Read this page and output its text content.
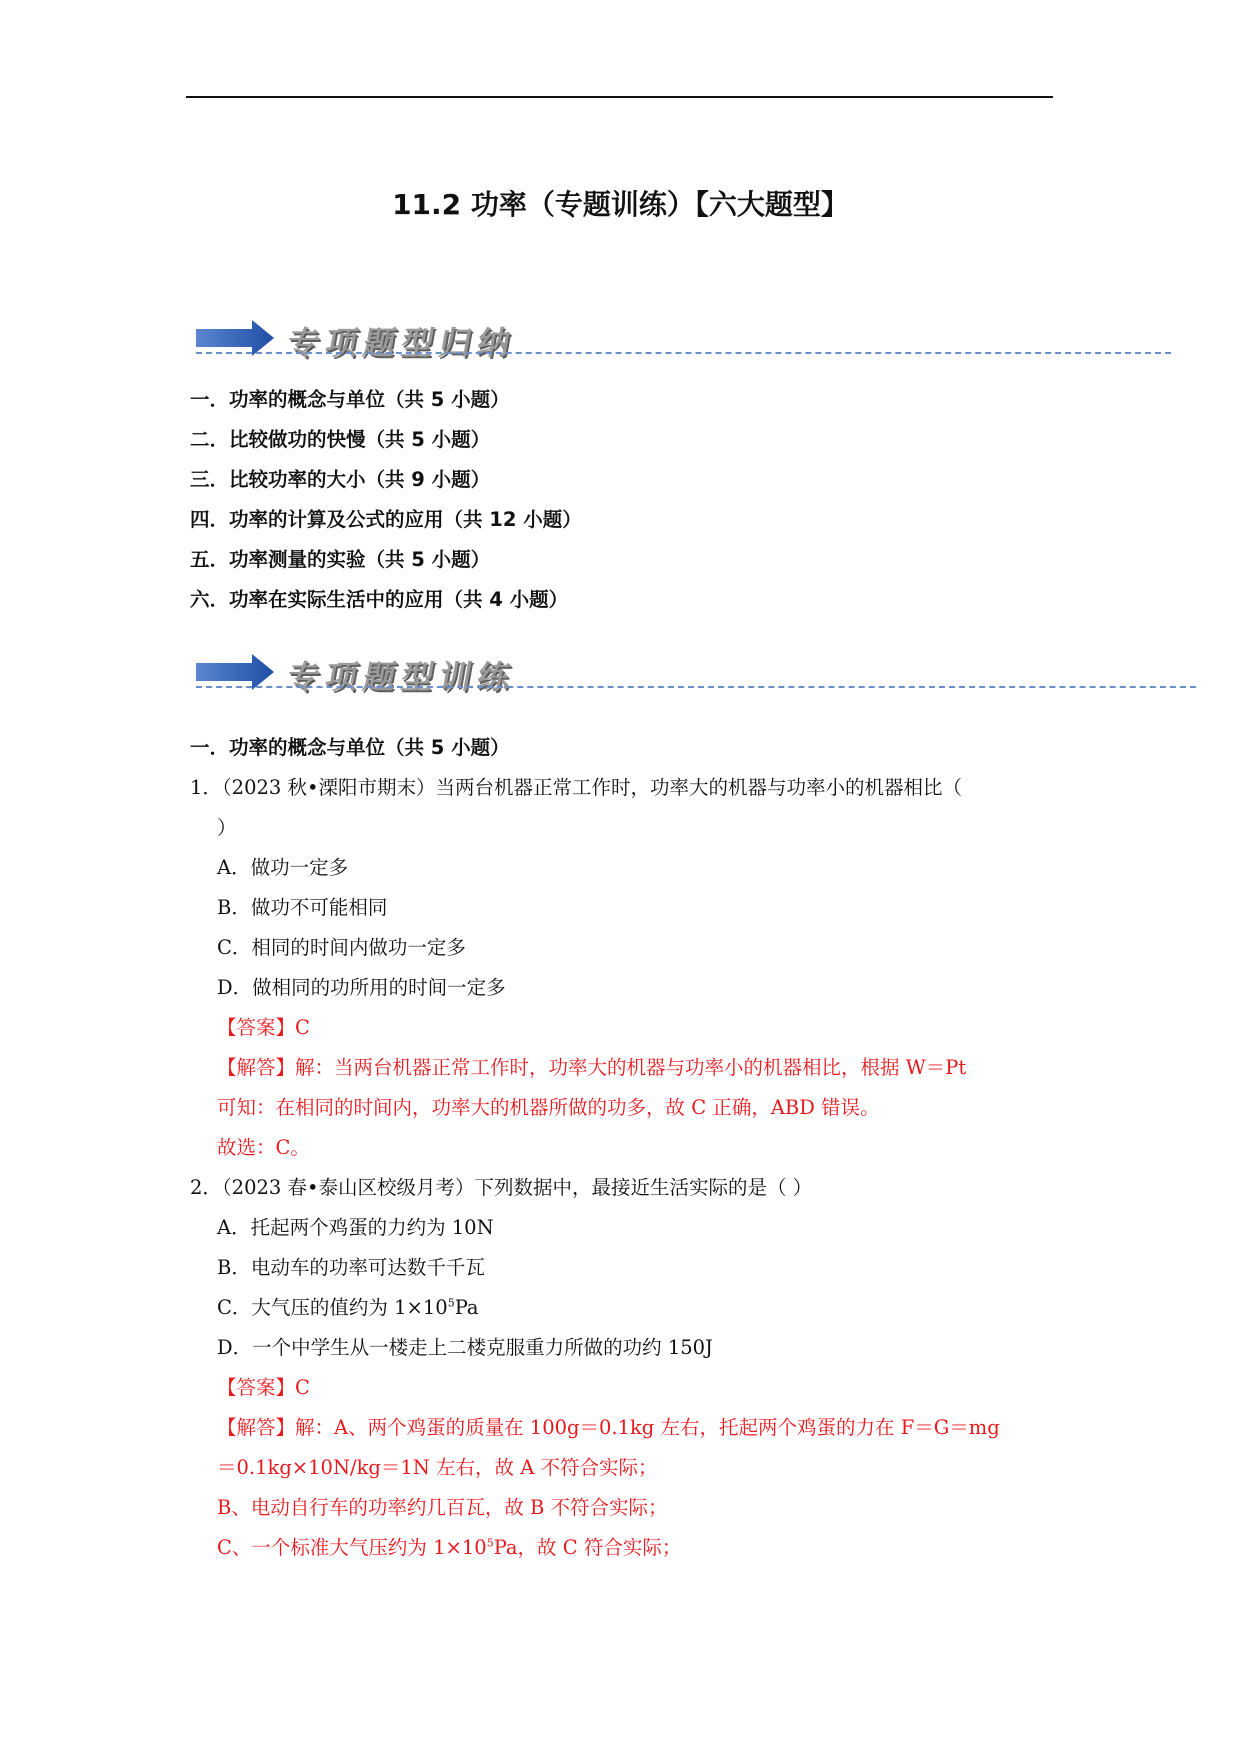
11.2 功率（专题训练）【六大题型】
专项题型归纳
一．功率的概念与单位（共 5 小题）
二．比较做功的快慢（共 5 小题）
三．比较功率的大小（共 9 小题）
四．功率的计算及公式的应用（共 12 小题）
五．功率测量的实验（共 5 小题）
六．功率在实际生活中的应用（共 4 小题）
专项题型训练
一．功率的概念与单位（共 5 小题）
1．（2023 秋•溧阳市期末）当两台机器正常工作时，功率大的机器与功率小的机器相比（
）
A．做功一定多
B．做功不可能相同
C．相同的时间内做功一定多
D．做相同的功所用的时间一定多
【答案】C
【解答】解：当两台机器正常工作时，功率大的机器与功率小的机器相比，根据 W＝Pt
可知：在相同的时间内，功率大的机器所做的功多，故 C 正确，ABD 错误。
故选：C。
2．（2023 春•泰山区校级月考）下列数据中，最接近生活实际的是（ ）
A．托起两个鸡蛋的力约为 10N
B．电动车的功率可达数千千瓦
C．大气压的值约为 $1\times 10^5Pa$
D．一个中学生从一楼走上二楼克服重力所做的功约 150J
【答案】C
【解答】解：A、两个鸡蛋的质量在 100g＝0.1kg 左右，托起两个鸡蛋的力在 F＝G＝mg
＝0.1kg×10N/kg＝1N 左右，故 A 不符合实际；
B、电动自行车的功率约几百瓦，故 B 不符合实际；
C、一个标准大气压约为 $1\times 10^5Pa$，故 C 符合实际；
